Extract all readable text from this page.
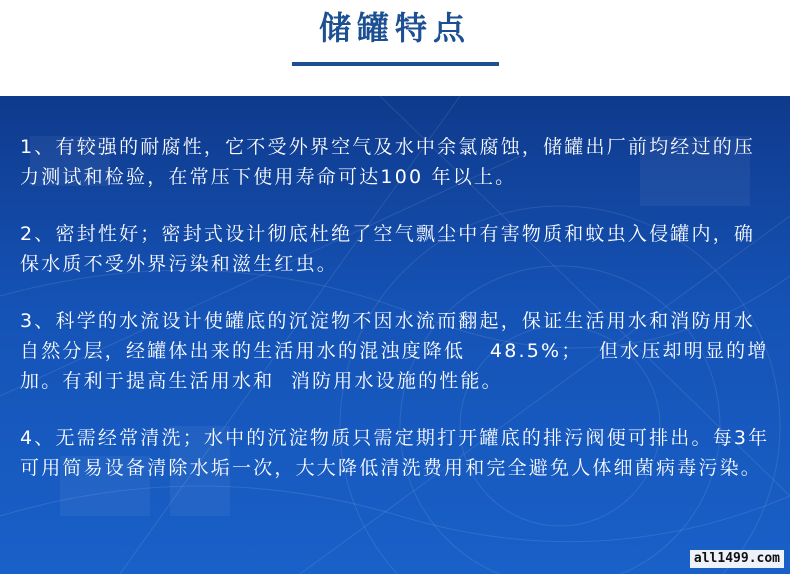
储罐特点

1、有较强的耐腐性，它不受外界空气及水中余氯腐蚀，储罐出厂前均经过的压力测试和检验，在常压下使用寿命可达100 年以上。

2、密封性好；密封式设计彻底杜绝了空气飘尘中有害物质和蚊虫入侵罐内，确保水质不受外界污染和滋生红虫。

3、科学的水流设计使罐底的沉淀物不因水流而翻起，保证生活用水和消防用水自然分层，经罐体出来的生活用水的混浊度降低   48.5%；  但水压却明显的增加。有利于提高生活用水和  消防用水设施的性能。

4、无需经常清洗；水中的沉淀物质只需定期打开罐底的排污阀便可排出。每3年可用简易设备清除水垢一次，大大降低清洗费用和完全避免人体细菌病毒污染。

all1499.com
